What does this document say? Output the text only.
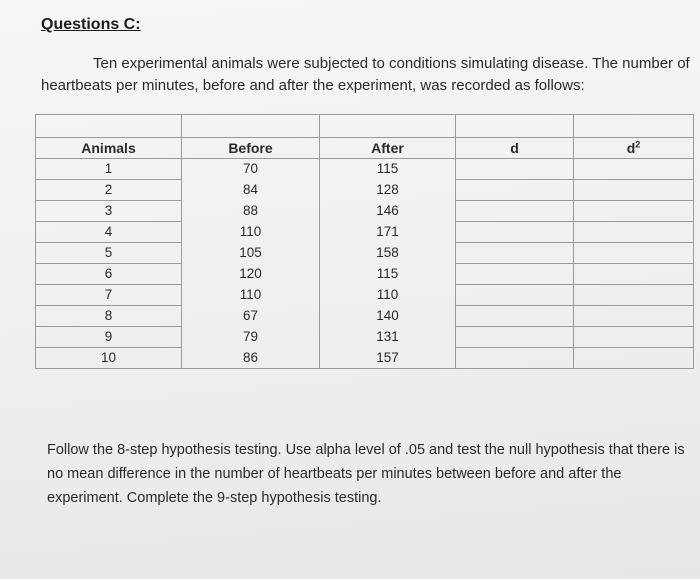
Questions C:
Ten experimental animals were subjected to conditions simulating disease. The number of heartbeats per minutes, before and after the experiment, was recorded as follows:

Animals	Before	After	d	$d^2$
1	70	115		
2	84	128		
3	88	146		
4	110	171		
5	105	158		
6	120	115		
7	110	110		
8	67	140		
9	79	131		
10	86	157		
Follow the 8-step hypothesis testing. Use alpha level of .05 and test the null hypothesis that there is no mean difference in the number of heartbeats per minutes between before and after the experiment. Complete the 9-step hypothesis testing.
